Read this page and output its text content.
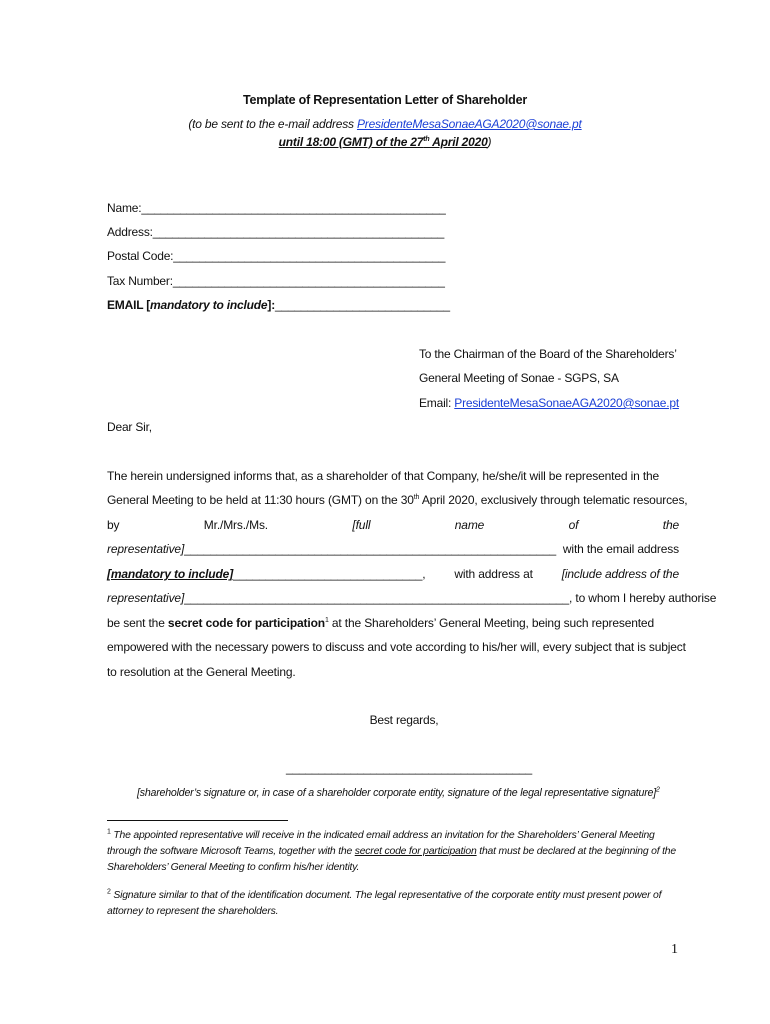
Template of Representation Letter of Shareholder
(to be sent to the e-mail address PresidenteMesaSonaeAGA2020@sonae.pt
until 18:00 (GMT) of the 27th April 2020)
Name:_______________________________________________
Address:_____________________________________________
Postal Code:__________________________________________
Tax Number:__________________________________________
EMAIL [mandatory to include]:___________________________
To the Chairman of the Board of the Shareholders’
General Meeting of Sonae - SGPS, SA
Email: PresidenteMesaSonaeAGA2020@sonae.pt
Dear Sir,
The herein undersigned informs that, as a shareholder of that Company, he/she/it will be represented in the
General Meeting to be held at 11:30 hours (GMT) on the 30th April 2020, exclusively through telematic resources,
by	Mr./Mrs./Ms.	[full	name	of	the
representative]_________________________________________________________ with the email address
[mandatory to include]_____________________________, with address at [include address of the
representative]___________________________________________________________, to whom I hereby authorise
be sent the secret code for participation$^1$ at the Shareholders’ General Meeting, being such represented
empowered with the necessary powers to discuss and vote according to his/her will, every subject that is subject
to resolution at the General Meeting.
Best regards,
______________________________________
[shareholder’s signature or, in case of a shareholder corporate entity, signature of the legal representative signature]$^2$
$^1$ The appointed representative will receive in the indicated email address an invitation for the Shareholders’ General Meeting through the software Microsoft Teams, together with the secret code for participation that must be declared at the beginning of the Shareholders’ General Meeting to confirm his/her identity.
$^2$ Signature similar to that of the identification document. The legal representative of the corporate entity must present power of attorney to represent the shareholders.
1
